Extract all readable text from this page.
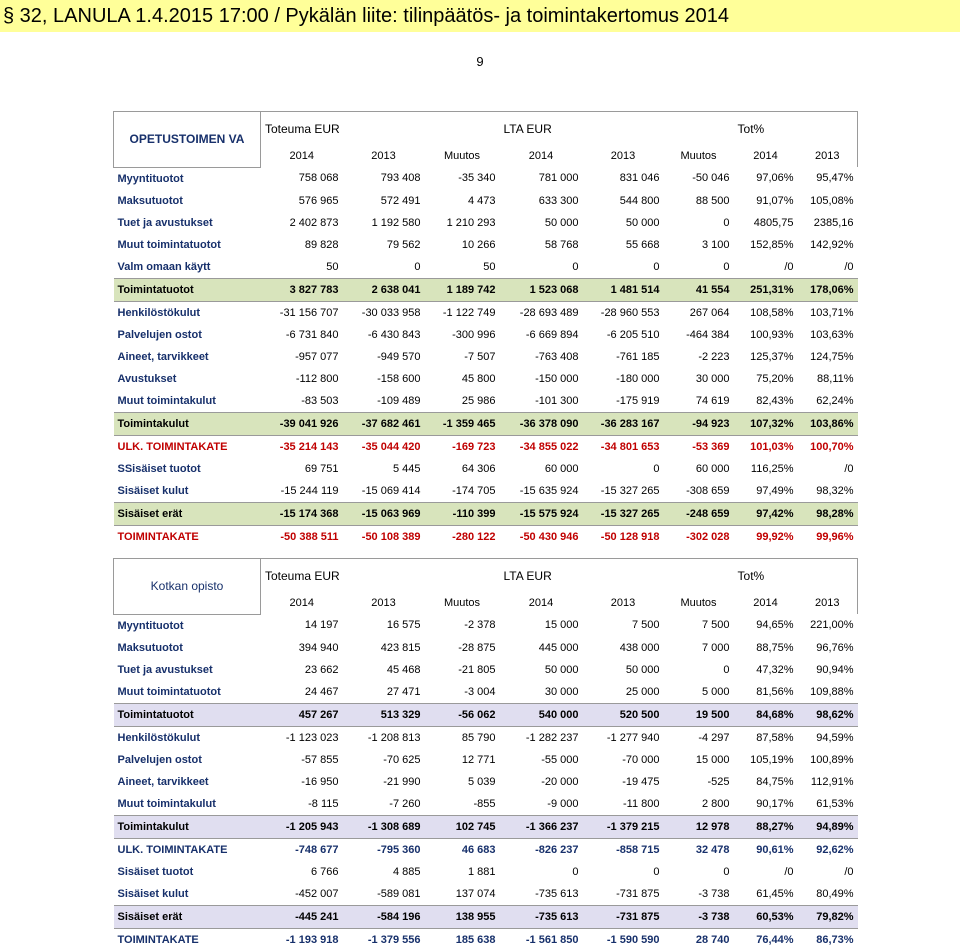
§ 32, LANULA 1.4.2015 17:00 / Pykälän liite: tilinpäätös- ja toimintakertomus 2014
9
OPETUSTOIMEN VA	Toteuma EUR			LTA EUR			Tot%	
	2014	2013	Muutos	2014	2013	Muutos	2014	2013
Myyntituotot	758 068	793 408	-35 340	781 000	831 046	-50 046	97,06%	95,47%
Maksutuotot	576 965	572 491	4 473	633 300	544 800	88 500	91,07%	105,08%
Tuet ja avustukset	2 402 873	1 192 580	1 210 293	50 000	50 000	0	4805,75	2385,16
Muut toimintatuotot	89 828	79 562	10 266	58 768	55 668	3 100	152,85%	142,92%
Valm omaan käytt	50	0	50	0	0	0	/0	/0
Toimintatuotot	3 827 783	2 638 041	1 189 742	1 523 068	1 481 514	41 554	251,31%	178,06%
Henkilöstökulut	-31 156 707	-30 033 958	-1 122 749	-28 693 489	-28 960 553	267 064	108,58%	103,71%
Palvelujen ostot	-6 731 840	-6 430 843	-300 996	-6 669 894	-6 205 510	-464 384	100,93%	103,63%
Aineet, tarvikkeet	-957 077	-949 570	-7 507	-763 408	-761 185	-2 223	125,37%	124,75%
Avustukset	-112 800	-158 600	45 800	-150 000	-180 000	30 000	75,20%	88,11%
Muut toimintakulut	-83 503	-109 489	25 986	-101 300	-175 919	74 619	82,43%	62,24%
Toimintakulut	-39 041 926	-37 682 461	-1 359 465	-36 378 090	-36 283 167	-94 923	107,32%	103,86%
ULK. TOIMINTAKATE	-35 214 143	-35 044 420	-169 723	-34 855 022	-34 801 653	-53 369	101,03%	100,70%
SSisäiset tuotot	69 751	5 445	64 306	60 000	0	60 000	116,25%	/0
Sisäiset kulut	-15 244 119	-15 069 414	-174 705	-15 635 924	-15 327 265	-308 659	97,49%	98,32%
Sisäiset erät	-15 174 368	-15 063 969	-110 399	-15 575 924	-15 327 265	-248 659	97,42%	98,28%
TOIMINTAKATE	-50 388 511	-50 108 389	-280 122	-50 430 946	-50 128 918	-302 028	99,92%	99,96%
Kotkan opisto	Toteuma EUR			LTA EUR			Tot%	
	2014	2013	Muutos	2014	2013	Muutos	2014	2013
Myyntituotot	14 197	16 575	-2 378	15 000	7 500	7 500	94,65%	221,00%
Maksutuotot	394 940	423 815	-28 875	445 000	438 000	7 000	88,75%	96,76%
Tuet ja avustukset	23 662	45 468	-21 805	50 000	50 000	0	47,32%	90,94%
Muut toimintatuotot	24 467	27 471	-3 004	30 000	25 000	5 000	81,56%	109,88%
Toimintatuotot	457 267	513 329	-56 062	540 000	520 500	19 500	84,68%	98,62%
Henkilöstökulut	-1 123 023	-1 208 813	85 790	-1 282 237	-1 277 940	-4 297	87,58%	94,59%
Palvelujen ostot	-57 855	-70 625	12 771	-55 000	-70 000	15 000	105,19%	100,89%
Aineet, tarvikkeet	-16 950	-21 990	5 039	-20 000	-19 475	-525	84,75%	112,91%
Muut toimintakulut	-8 115	-7 260	-855	-9 000	-11 800	2 800	90,17%	61,53%
Toimintakulut	-1 205 943	-1 308 689	102 745	-1 366 237	-1 379 215	12 978	88,27%	94,89%
ULK. TOIMINTAKATE	-748 677	-795 360	46 683	-826 237	-858 715	32 478	90,61%	92,62%
Sisäiset tuotot	6 766	4 885	1 881	0	0	0	/0	/0
Sisäiset kulut	-452 007	-589 081	137 074	-735 613	-731 875	-3 738	61,45%	80,49%
Sisäiset erät	-445 241	-584 196	138 955	-735 613	-731 875	-3 738	60,53%	79,82%
TOIMINTAKATE	-1 193 918	-1 379 556	185 638	-1 561 850	-1 590 590	28 740	76,44%	86,73%
